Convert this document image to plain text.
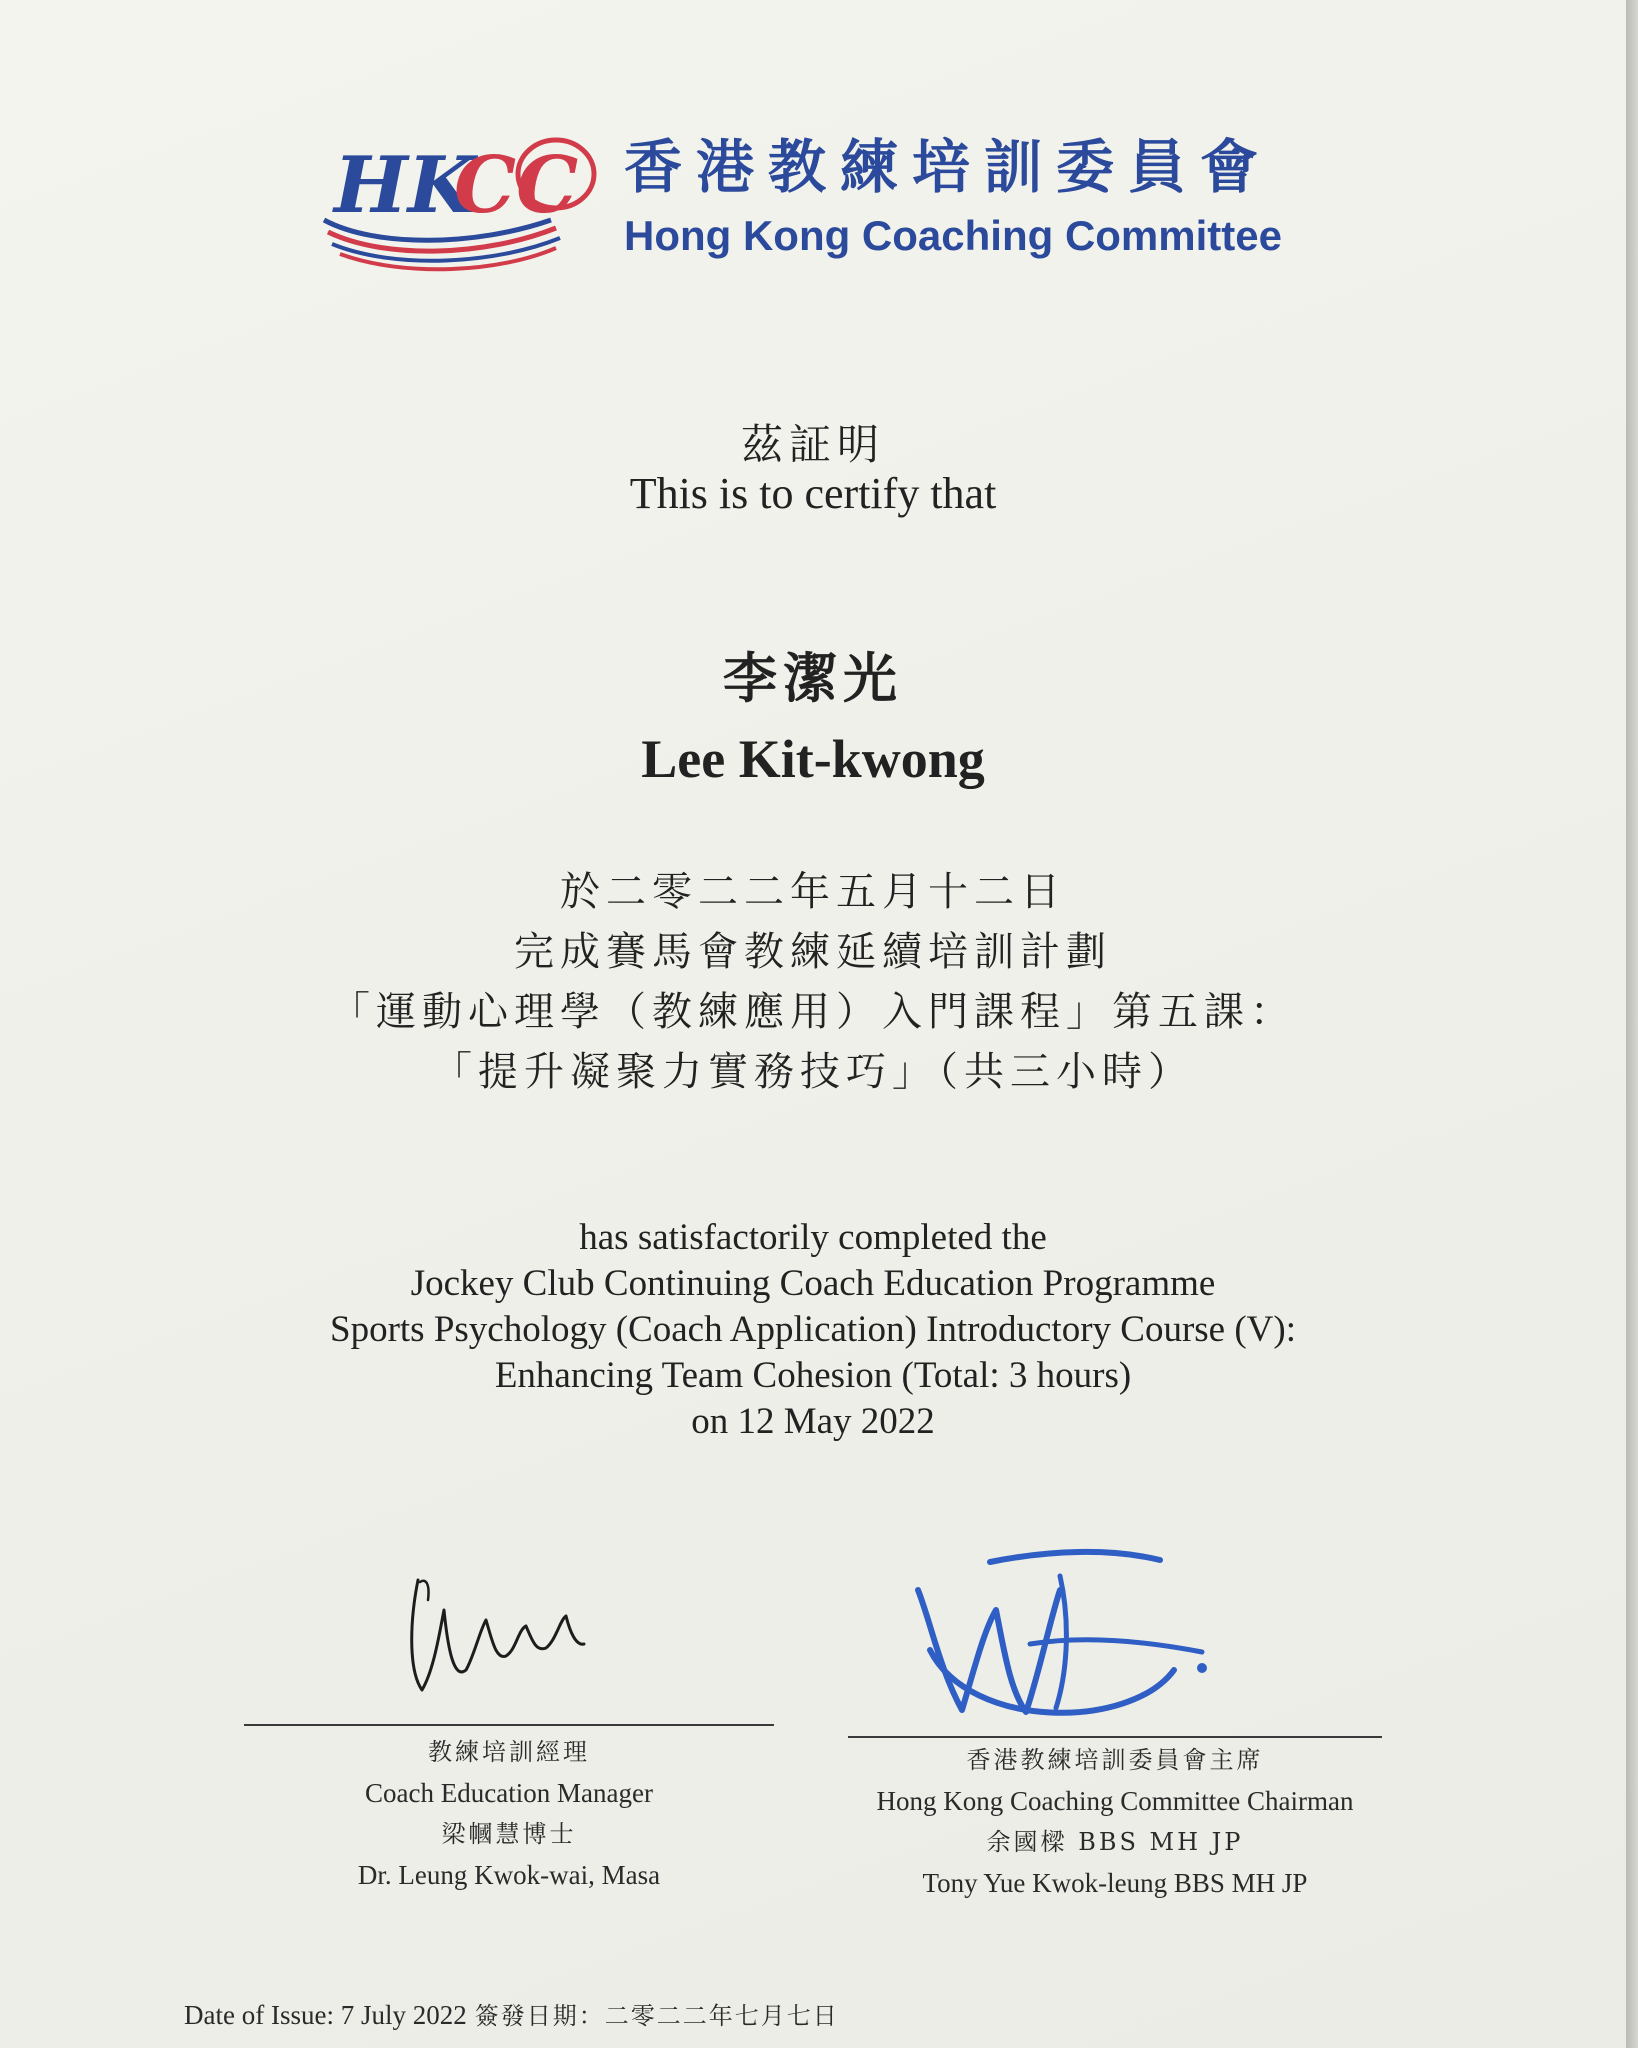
HK
CC 香港教練培訓委員會
Hong Kong Coaching Committee
茲証明
This is to certify that
李潔光
Lee Kit-kwong
於二零二二年五月十二日
完成賽馬會教練延續培訓計劃
「運動心理學（教練應用）入門課程」第五課：
「提升凝聚力實務技巧」（共三小時）
has satisfactorily completed the
Jockey Club Continuing Coach Education Programme
Sports Psychology (Coach Application) Introductory Course (V):
Enhancing Team Cohesion (Total: 3 hours)
on 12 May 2022
教練培訓經理
Coach Education Manager
梁幗慧博士
Dr. Leung Kwok-wai, Masa
香港教練培訓委員會主席
Hong Kong Coaching Committee Chairman
余國樑 BBS MH JP
Tony Yue Kwok-leung BBS MH JP
Date of Issue: 7 July 2022 簽發日期：二零二二年七月七日
